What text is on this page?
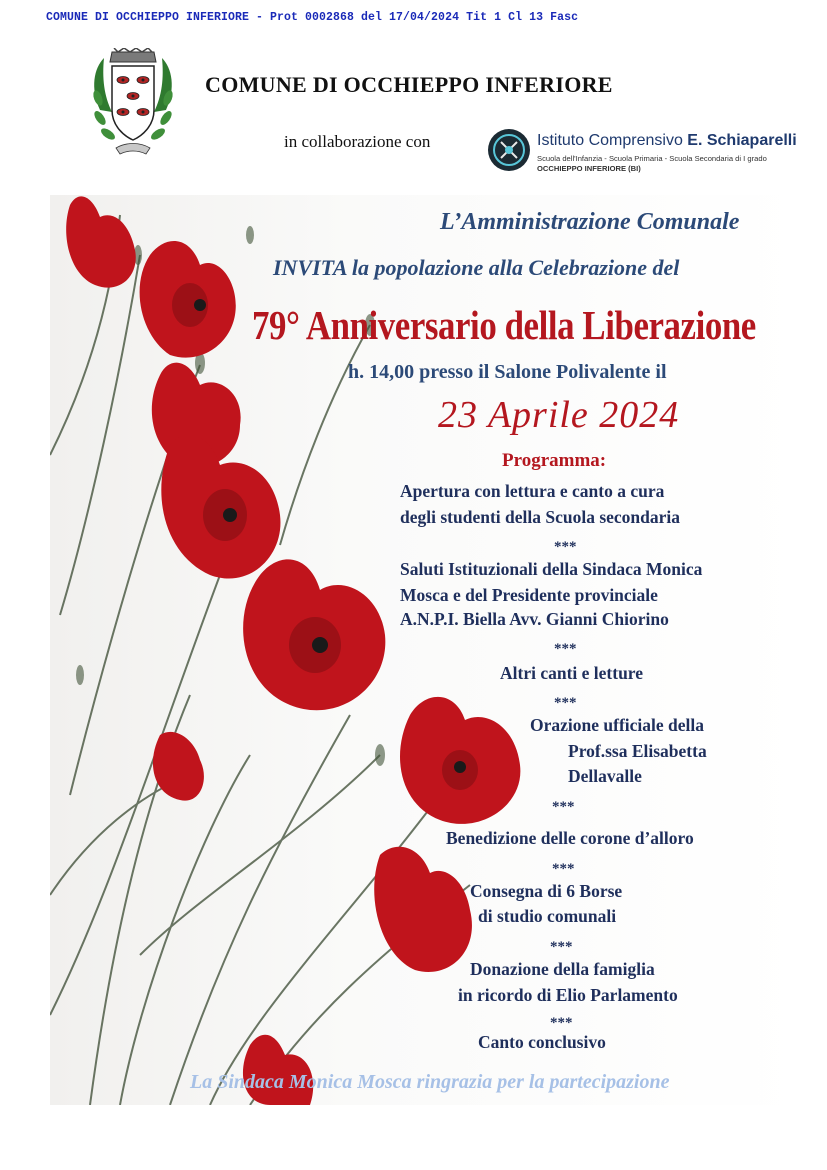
COMUNE DI OCCHIEPPO INFERIORE - Prot 0002868 del 17/04/2024 Tit 1 Cl 13 Fasc
COMUNE DI OCCHIEPPO INFERIORE
in collaborazione con	Istituto Comprensivo E. Schiaparelli
Scuola dell'Infanzia - Scuola Primaria - Scuola Secondaria di I grado
OCCHIEPPO INFERIORE (BI)
L’Amministrazione Comunale
INVITA la popolazione alla Celebrazione del
79° Anniversario della Liberazione
h. 14,00 presso il Salone Polivalente il
23 Aprile 2024
Programma:
Apertura con lettura e canto a cura
degli studenti della Scuola secondaria
***
Saluti Istituzionali della Sindaca Monica
Mosca e del Presidente provinciale
A.N.P.I. Biella Avv. Gianni Chiorino
***
Altri canti e letture
***
Orazione ufficiale della
Prof.ssa Elisabetta
Dellavalle
***
Benedizione delle corone d’alloro
***
Consegna di 6 Borse
di studio comunali
***
Donazione della famiglia
in ricordo di Elio Parlamento
***
Canto conclusivo
La Sindaca Monica Mosca ringrazia per la partecipazione
